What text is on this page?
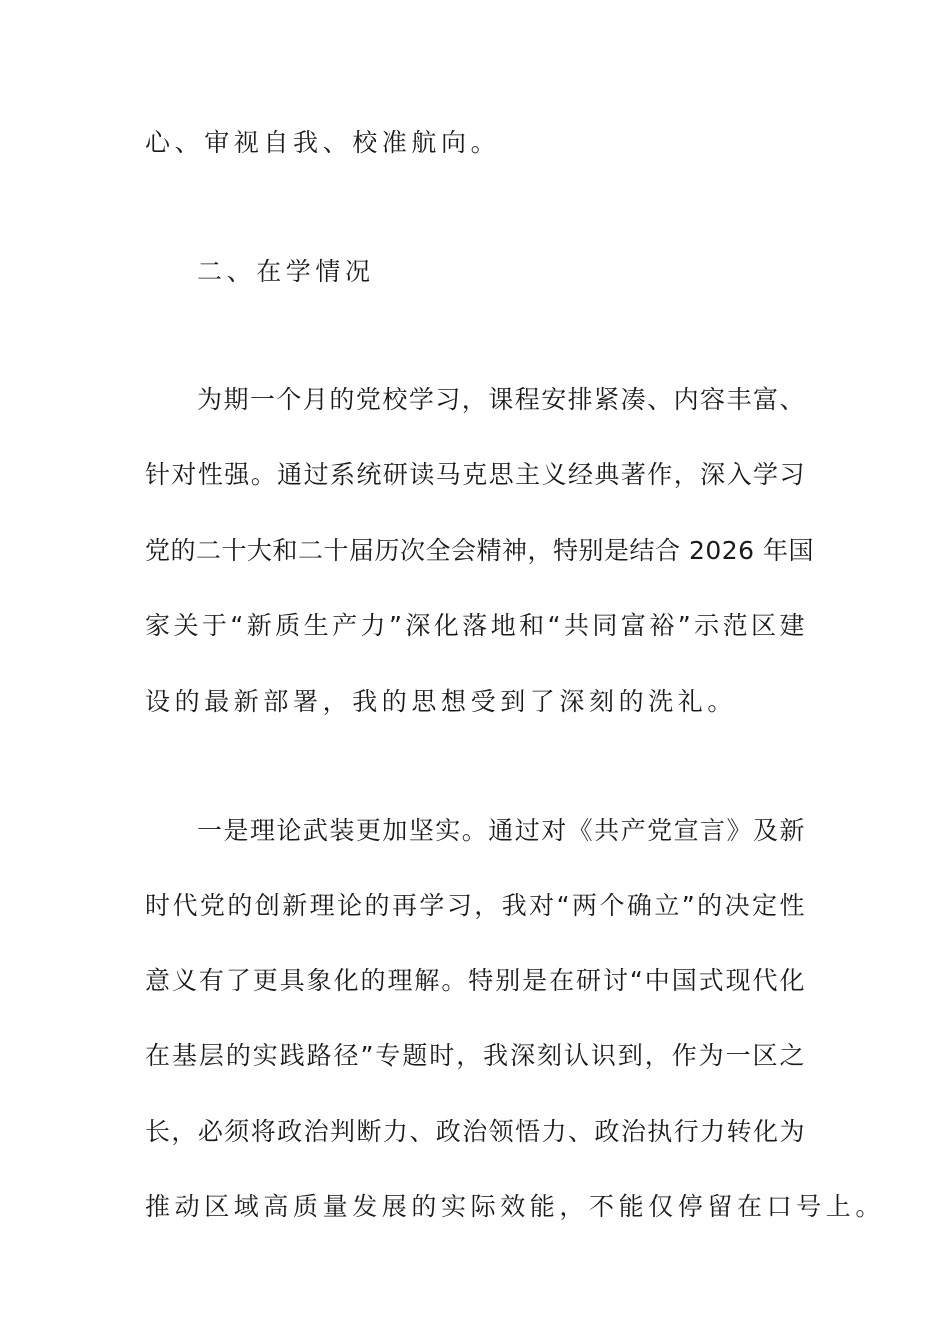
心、审视自我、校准航向。

二、在学情况

为期一个月的党校学习，课程安排紧凑、内容丰富、

针对性强。通过系统研读马克思主义经典著作，深入学习

党的二十大和二十届历次全会精神，特别是结合 2026 年国

家关于“新质生产力”深化落地和“共同富裕”示范区建

设的最新部署，我的思想受到了深刻的洗礼。

一是理论武装更加坚实。通过对《共产党宣言》及新

时代党的创新理论的再学习，我对“两个确立”的决定性

意义有了更具象化的理解。特别是在研讨“中国式现代化

在基层的实践路径”专题时，我深刻认识到，作为一区之

长，必须将政治判断力、政治领悟力、政治执行力转化为

推动区域高质量发展的实际效能，不能仅停留在口号上。
